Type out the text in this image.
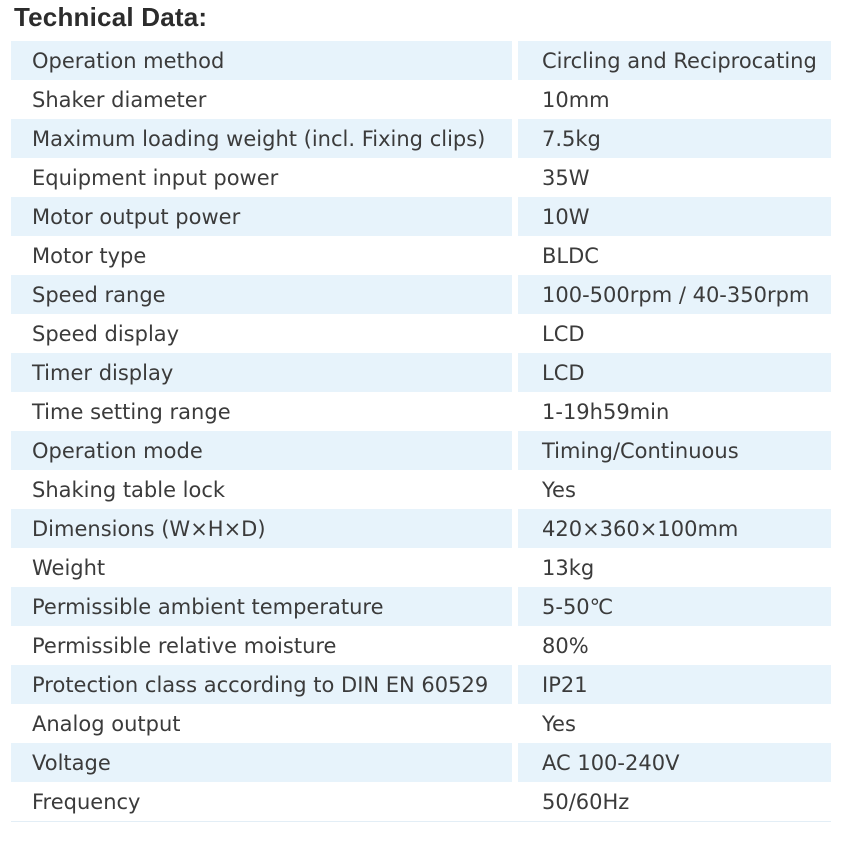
Technical Data:
Operation method	Circling and Reciprocating
Shaker diameter	10mm
Maximum loading weight (incl. Fixing clips)	7.5kg
Equipment input power	35W
Motor output power	10W
Motor type	BLDC
Speed range	100-500rpm / 40-350rpm
Speed display	LCD
Timer display	LCD
Time setting range	1-19h59min
Operation mode	Timing/Continuous
Shaking table lock	Yes
Dimensions (W×H×D)	420×360×100mm
Weight	13kg
Permissible ambient temperature	5-50℃
Permissible relative moisture	80%
Protection class according to DIN EN 60529	IP21
Analog output	Yes
Voltage	AC 100-240V
Frequency	50/60Hz
